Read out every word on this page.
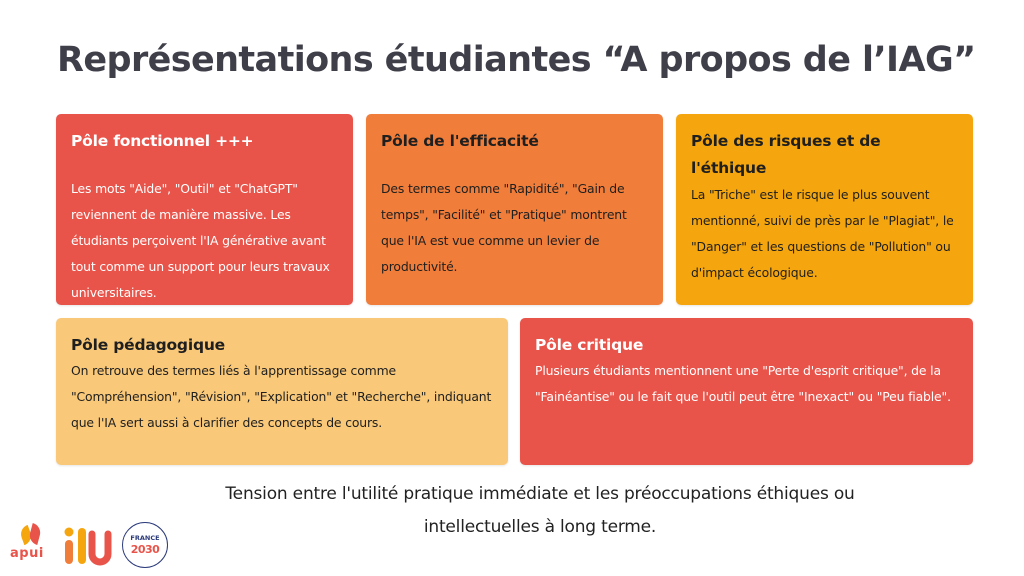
Représentations étudiantes “A propos de l’IAG”
Pôle fonctionnel +++
Les mots "Aide", "Outil" et "ChatGPT" reviennent de manière massive. Les étudiants perçoivent l'IA générative avant tout comme un support pour leurs travaux universitaires.
Pôle de l'efficacité
Des termes comme "Rapidité", "Gain de temps", "Facilité" et "Pratique" montrent que l'IA est vue comme un levier de productivité.
Pôle des risques et de l'éthique
La "Triche" est le risque le plus souvent mentionné, suivi de près par le "Plagiat", le "Danger" et les questions de "Pollution" ou d'impact écologique.
Pôle pédagogique
On retrouve des termes liés à l'apprentissage comme "Compréhension", "Révision", "Explication" et "Recherche", indiquant que l'IA sert aussi à clarifier des concepts de cours.
Pôle critique
Plusieurs étudiants mentionnent une "Perte d'esprit critique", de la "Fainéantise" ou le fait que l'outil peut être "Inexact" ou "Peu fiable".

Tension entre l'utilité pratique immédiate et les préoccupations éthiques ou intellectuelles à long terme.

apui
FRANCE
2030
